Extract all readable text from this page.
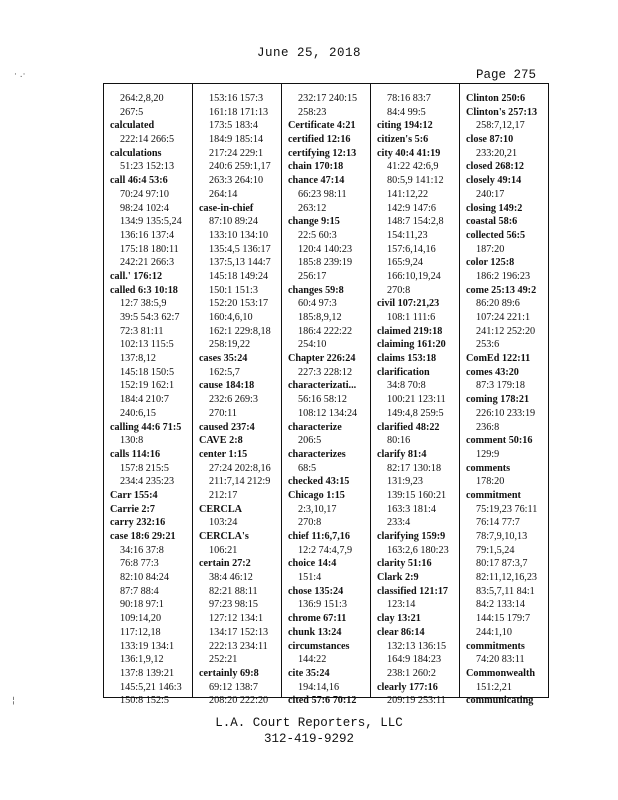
June 25, 2018
Page 275
· .·
¦
264:2,8,20
267:5
calculated
222:14 266:5
calculations
51:23 152:13
call 46:4 53:6
70:24 97:10
98:24 102:4
134:9 135:5,24
136:16 137:4
175:18 180:11
242:21 266:3
call.' 176:12
called 6:3 10:18
12:7 38:5,9
39:5 54:3 62:7
72:3 81:11
102:13 115:5
137:8,12
145:18 150:5
152:19 162:1
184:4 210:7
240:6,15
calling 44:6 71:5
130:8
calls 114:16
157:8 215:5
234:4 235:23
Carr 155:4
Carrie 2:7
carry 232:16
case 18:6 29:21
34:16 37:8
76:8 77:3
82:10 84:24
87:7 88:4
90:18 97:1
109:14,20
117:12,18
133:19 134:1
136:1,9,12
137:8 139:21
145:5,21 146:3
150:8 152:5
153:16 157:3
161:18 171:13
173:5 183:4
184:9 185:14
217:24 229:1
240:6 259:1,17
263:3 264:10
264:14
case-in-chief
87:10 89:24
133:10 134:10
135:4,5 136:17
137:5,13 144:7
145:18 149:24
150:1 151:3
152:20 153:17
160:4,6,10
162:1 229:8,18
258:19,22
cases 35:24
162:5,7
cause 184:18
232:6 269:3
270:11
caused 237:4
CAVE 2:8
center 1:15
27:24 202:8,16
211:7,14 212:9
212:17
CERCLA
103:24
CERCLA's
106:21
certain 27:2
38:4 46:12
82:21 88:11
97:23 98:15
127:12 134:1
134:17 152:13
222:13 234:11
252:21
certainly 69:8
69:12 138:7
208:20 222:20
232:17 240:15
258:23
Certificate 4:21
certified 12:16
certifying 12:13
chain 170:18
chance 47:14
66:23 98:11
263:12
change 9:15
22:5 60:3
120:4 140:23
185:8 239:19
256:17
changes 59:8
60:4 97:3
185:8,9,12
186:4 222:22
254:10
Chapter 226:24
227:3 228:12
characterizati...
56:16 58:12
108:12 134:24
characterize
206:5
characterizes
68:5
checked 43:15
Chicago 1:15
2:3,10,17
270:8
chief 11:6,7,16
12:2 74:4,7,9
choice 14:4
151:4
chose 135:24
136:9 151:3
chrome 67:11
chunk 13:24
circumstances
144:22
cite 35:24
194:14,16
cited 57:6 70:12
78:16 83:7
84:4 99:5
citing 194:12
citizen's 5:6
city 40:4 41:19
41:22 42:6,9
80:5,9 141:12
141:12,22
142:9 147:6
148:7 154:2,8
154:11,23
157:6,14,16
165:9,24
166:10,19,24
270:8
civil 107:21,23
108:1 111:6
claimed 219:18
claiming 161:20
claims 153:18
clarification
34:8 70:8
100:21 123:11
149:4,8 259:5
clarified 48:22
80:16
clarify 81:4
82:17 130:18
131:9,23
139:15 160:21
163:3 181:4
233:4
clarifying 159:9
163:2,6 180:23
clarity 51:16
Clark 2:9
classified 121:17
123:14
clay 13:21
clear 86:14
132:13 136:15
164:9 184:23
238:1 260:2
clearly 177:16
209:19 253:11
Clinton 250:6
Clinton's 257:13
258:7,12,17
close 87:10
233:20,21
closed 268:12
closely 49:14
240:17
closing 149:2
coastal 58:6
collected 56:5
187:20
color 125:8
186:2 196:23
come 25:13 49:2
86:20 89:6
107:24 221:1
241:12 252:20
253:6
ComEd 122:11
comes 43:20
87:3 179:18
coming 178:21
226:10 233:19
236:8
comment 50:16
129:9
comments
178:20
commitment
75:19,23 76:11
76:14 77:7
78:7,9,10,13
79:1,5,24
80:17 87:3,7
82:11,12,16,23
83:5,7,11 84:1
84:2 133:14
144:15 179:7
244:1,10
commitments
74:20 83:11
Commonwealth
151:2,21
communicating
L.A. Court Reporters, LLC
312-419-9292
